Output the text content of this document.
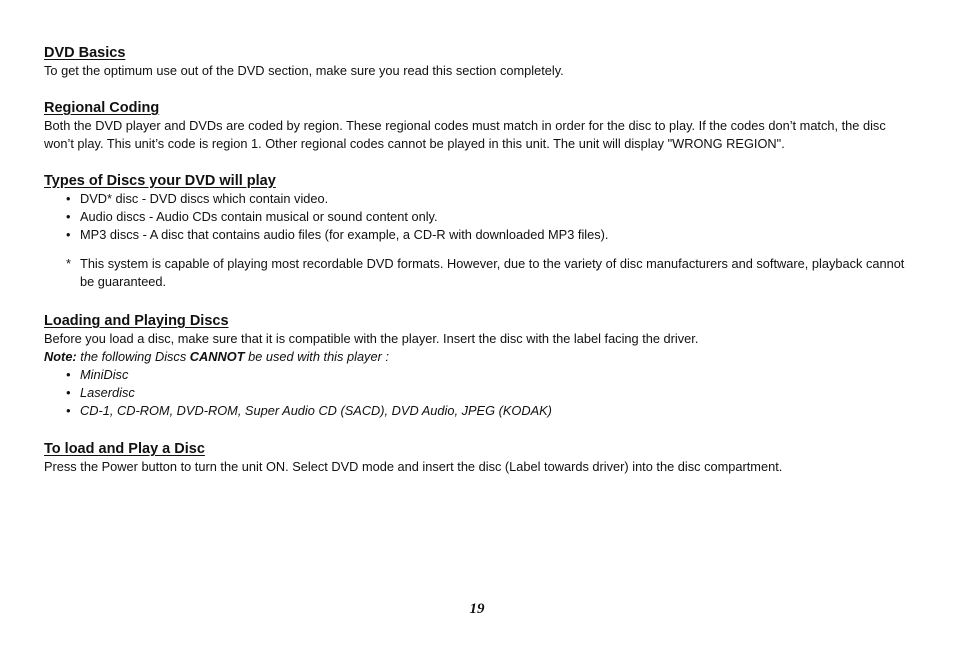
DVD Basics

To get the optimum use out of the DVD section, make sure you read this section completely.

Regional Coding

Both the DVD player and DVDs are coded by region. These regional codes must match in order for the disc to play. If the codes don’t match, the disc won’t play. This unit’s code is region 1. Other regional codes cannot be played in this unit. The unit will display "WRONG REGION".

Types of Discs your DVD will play
• DVD* disc - DVD discs which contain video.
• Audio discs - Audio CDs contain musical or sound content only.
• MP3 discs - A disc that contains audio files (for example, a CD-R with downloaded MP3 files).
* This system is capable of playing most recordable DVD formats. However, due to the variety of disc manufacturers and software, playback cannot be guaranteed.
Loading and Playing Discs

Before you load a disc, make sure that it is compatible with the player. Insert the disc with the label facing the driver.

Note: the following Discs CANNOT be used with this player :
• MiniDisc
• Laserdisc
• CD-1, CD-ROM, DVD-ROM, Super Audio CD (SACD), DVD Audio, JPEG (KODAK)
To load and Play a Disc

Press the Power button to turn the unit ON. Select DVD mode and insert the disc (Label towards driver) into the disc compartment.

19
